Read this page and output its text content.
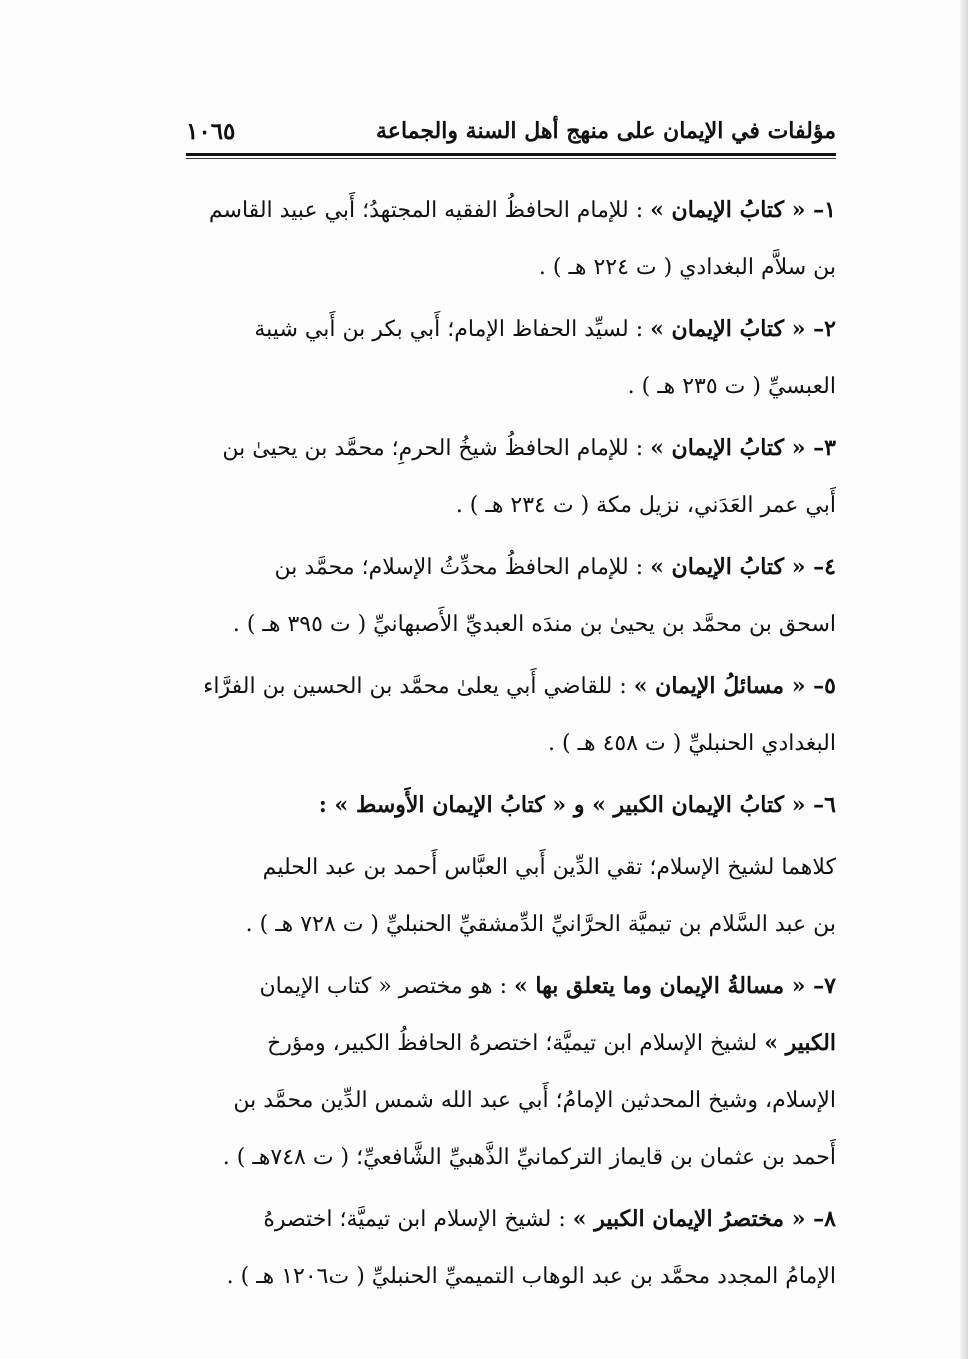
مؤلفات في الإيمان على منهج أهل السنة والجماعة
١٠٦٥
١– « كتابُ الإيمان » : للإمام الحافظُ الفقيه المجتهدُ؛ أَبي عبيد القاسم
بن سلاَّم البغدادي ( ت ٢٢٤ هـ ) .
٢– « كتابُ الإيمان » : لسيِّد الحفاظ الإمام؛ أَبي بكر بن أَبي شيبة
العبسيِّ ( ت ٢٣٥ هـ ) .
٣– « كتابُ الإيمان » : للإمام الحافظُ شيخُ الحرمِ؛ محمَّد بن يحيىٰ بن
أَبي عمر العَدَني، نزيل مكة ( ت ٢٣٤ هـ ) .
٤– « كتابُ الإيمان » : للإمام الحافظُ محدِّثُ الإسلام؛ محمَّد بن
اسحق بن محمَّد بن يحيىٰ بن مندَه العبديِّ الأَصبهانيِّ ( ت ٣٩٥ هـ ) .
٥– « مسائلُ الإيمان » : للقاضي أَبي يعلىٰ محمَّد بن الحسين بن الفرَّاء
البغدادي الحنبليِّ ( ت ٤٥٨ هـ ) .
٦– « كتابُ الإيمان الكبير » و « كتابُ الإيمان الأَوسط » :
كلاهما لشيخ الإسلام؛ تقي الدِّين أَبي العبَّاس أَحمد بن عبد الحليم
بن عبد السَّلام بن تيميَّة الحرَّانيِّ الدِّمشقيِّ الحنبليِّ ( ت ٧٢٨ هـ ) .
٧– « مسالةُ الإيمان وما يتعلق بها » : هو مختصر « كتاب الإيمان
الكبير » لشيخ الإسلام ابن تيميَّة؛ اختصرهُ الحافظُ الكبير، ومؤرخ
الإسلام، وشيخ المحدثين الإمامُ؛ أَبي عبد الله شمس الدِّين محمَّد بن
أَحمد بن عثمان بن قايماز التركمانيِّ الذَّهبيِّ الشَّافعيِّ؛ ( ت ٧٤٨هـ ) .
٨– « مختصرُ الإيمان الكبير » : لشيخ الإسلام ابن تيميَّة؛ اختصرهُ
الإمامُ المجدد محمَّد بن عبد الوهاب التميميِّ الحنبليِّ ( ت١٢٠٦ هـ ) .
